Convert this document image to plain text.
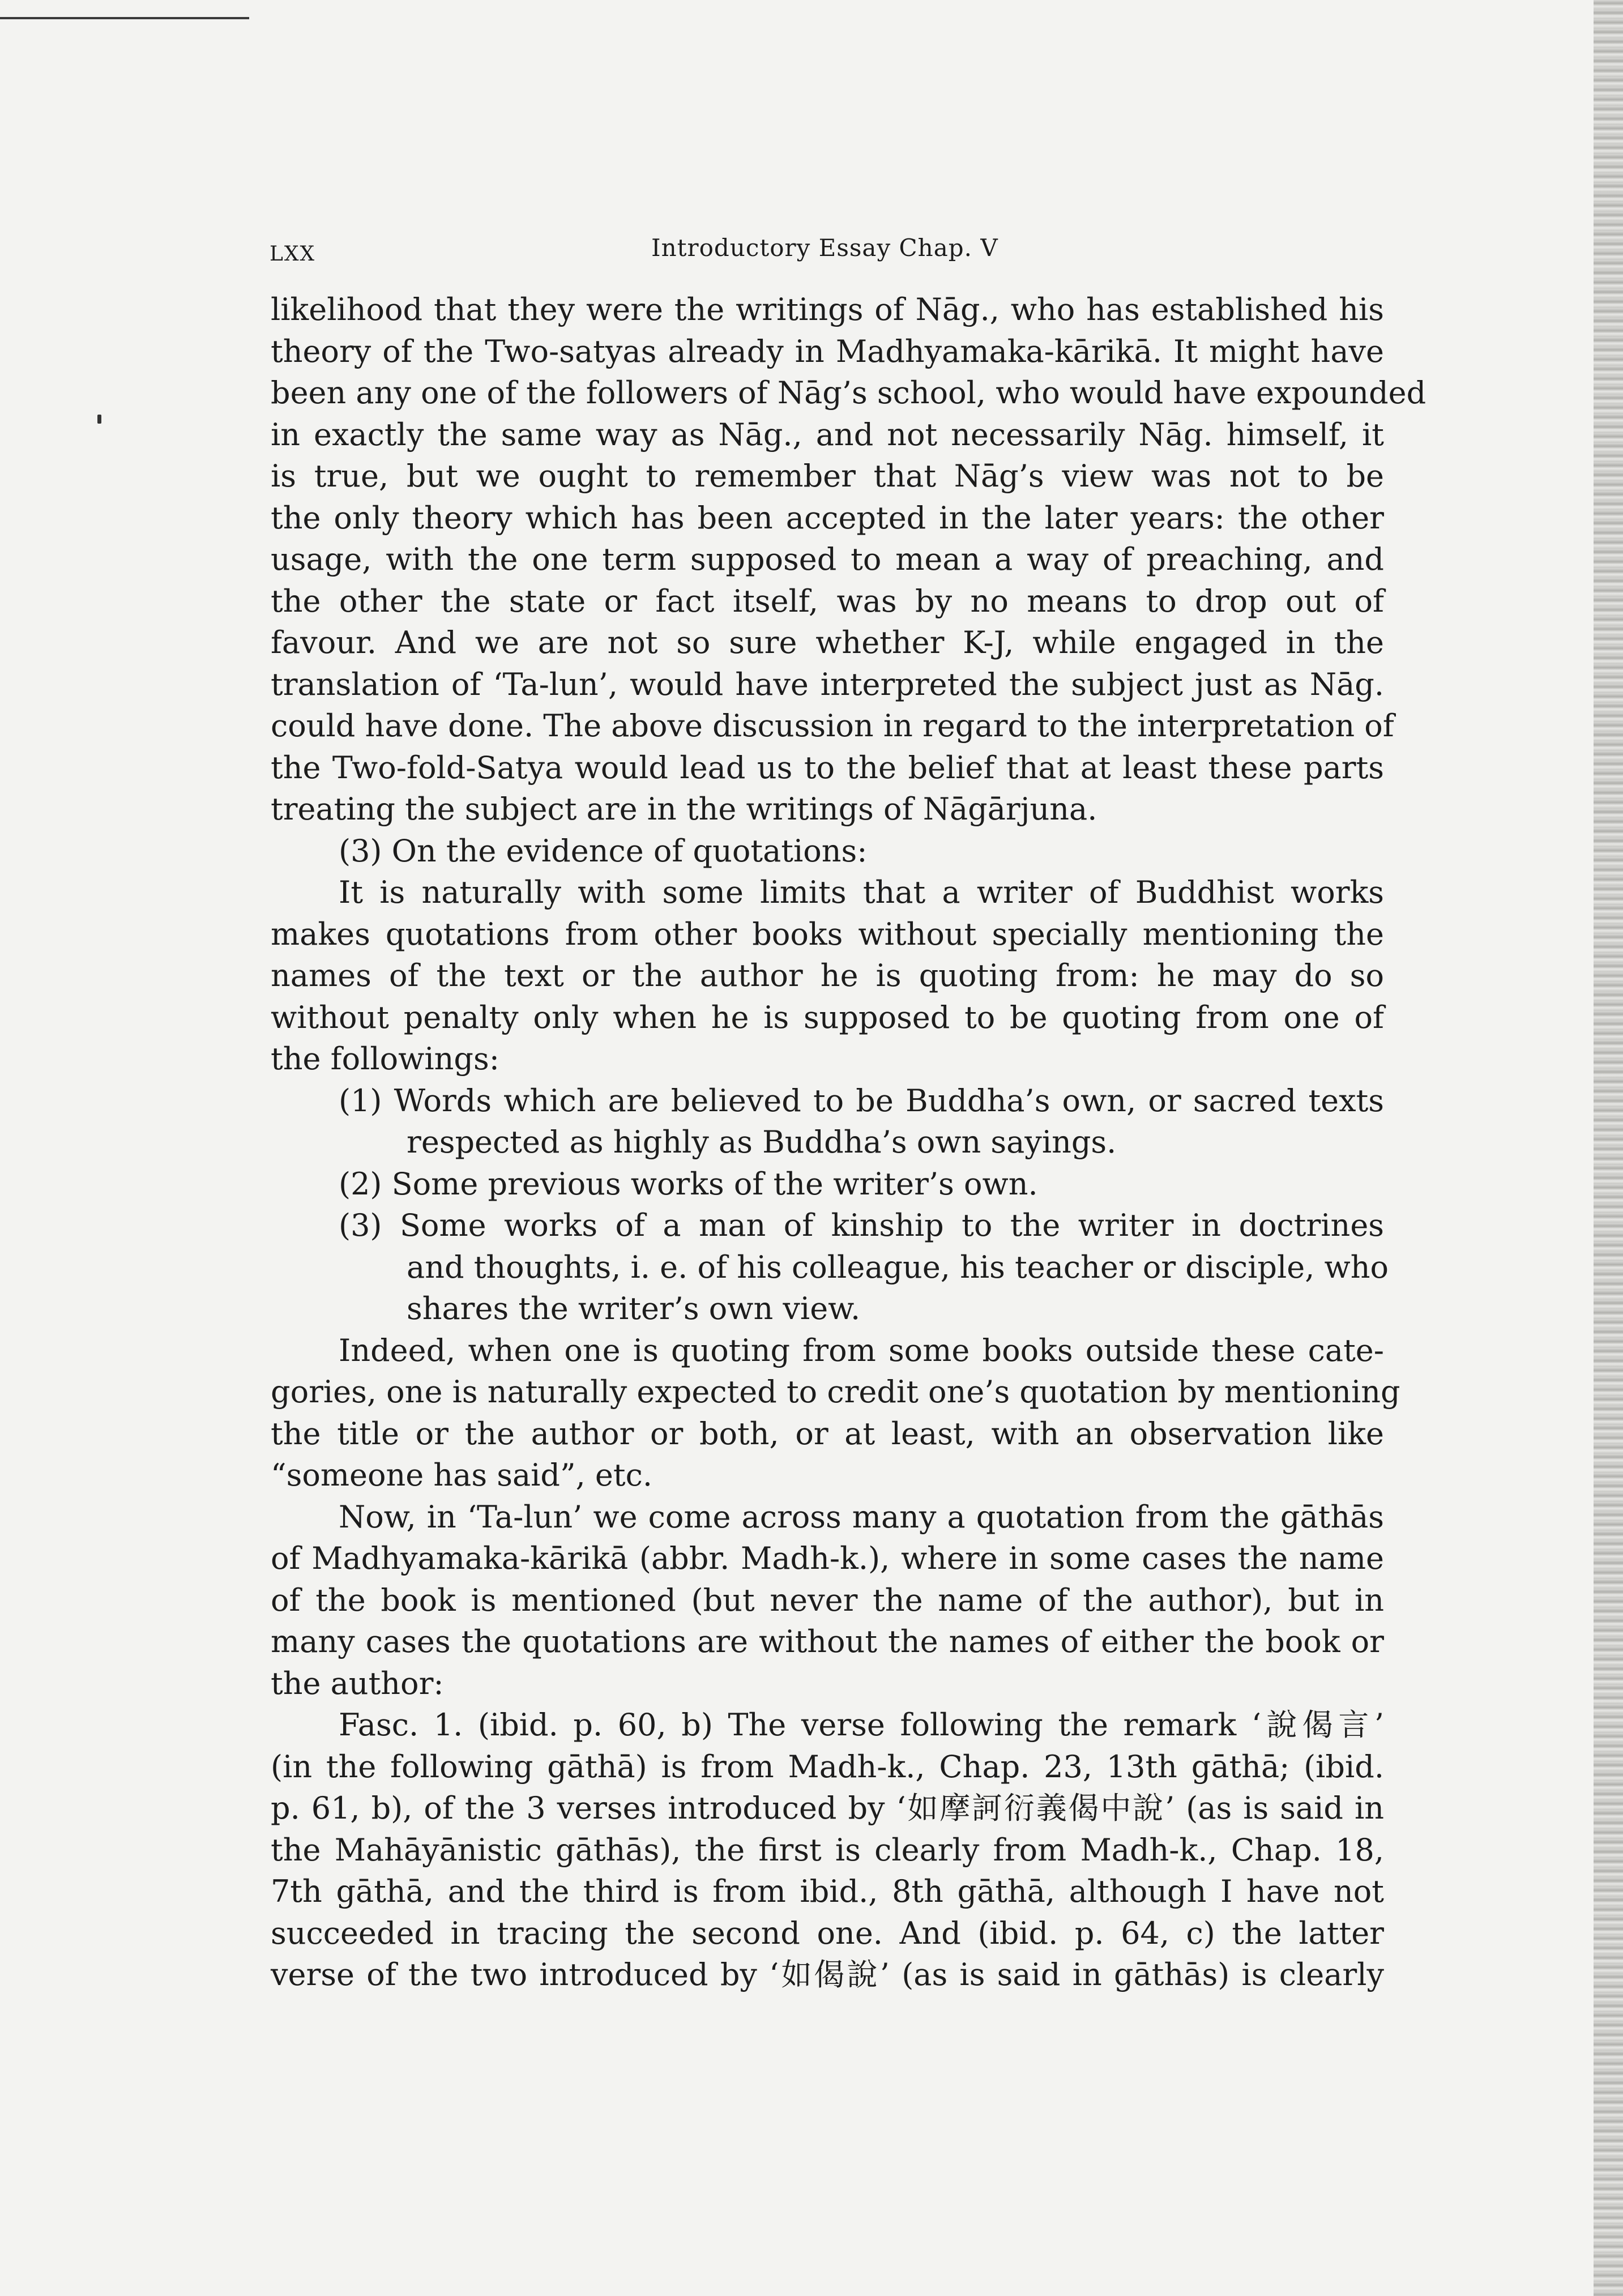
LXX	Introductory Essay Chap. V
likelihood that they were the writings of Nāg., who has established his
theory of the Two-satyas already in Madhyamaka-kārikā. It might have
been any one of the followers of Nāg’s school, who would have expounded
in exactly the same way as Nāg., and not necessarily Nāg. himself, it
is true, but we ought to remember that Nāg’s view was not to be
the only theory which has been accepted in the later years: the other
usage, with the one term supposed to mean a way of preaching, and
the other the state or fact itself, was by no means to drop out of
favour. And we are not so sure whether K-J, while engaged in the
translation of ‘Ta-lun’, would have interpreted the subject just as Nāg.
could have done. The above discussion in regard to the interpretation of
the Two-fold-Satya would lead us to the belief that at least these parts
treating the subject are in the writings of Nāgārjuna.
(3) On the evidence of quotations:
It is naturally with some limits that a writer of Buddhist works
makes quotations from other books without specially mentioning the
names of the text or the author he is quoting from: he may do so
without penalty only when he is supposed to be quoting from one of
the followings:
(1) Words which are believed to be Buddha’s own, or sacred texts
respected as highly as Buddha’s own sayings.
(2) Some previous works of the writer’s own.
(3) Some works of a man of kinship to the writer in doctrines
and thoughts, i. e. of his colleague, his teacher or disciple, who
shares the writer’s own view.
Indeed, when one is quoting from some books outside these cate-
gories, one is naturally expected to credit one’s quotation by mentioning
the title or the author or both, or at least, with an observation like
“someone has said”, etc.
Now, in ‘Ta-lun’ we come across many a quotation from the gāthās
of Madhyamaka-kārikā (abbr. Madh-k.), where in some cases the name
of the book is mentioned (but never the name of the author), but in
many cases the quotations are without the names of either the book or
the author:
Fasc. 1. (ibid. p. 60, b) The verse following the remark ‘說偈言’
(in the following gāthā) is from Madh-k., Chap. 23, 13th gāthā; (ibid.
p. 61, b), of the 3 verses introduced by ‘如摩訶衍義偈中說’ (as is said in
the Mahāyānistic gāthās), the first is clearly from Madh-k., Chap. 18,
7th gāthā, and the third is from ibid., 8th gāthā, although I have not
succeeded in tracing the second one. And (ibid. p. 64, c) the latter
verse of the two introduced by ‘如偈說’ (as is said in gāthās) is clearly
